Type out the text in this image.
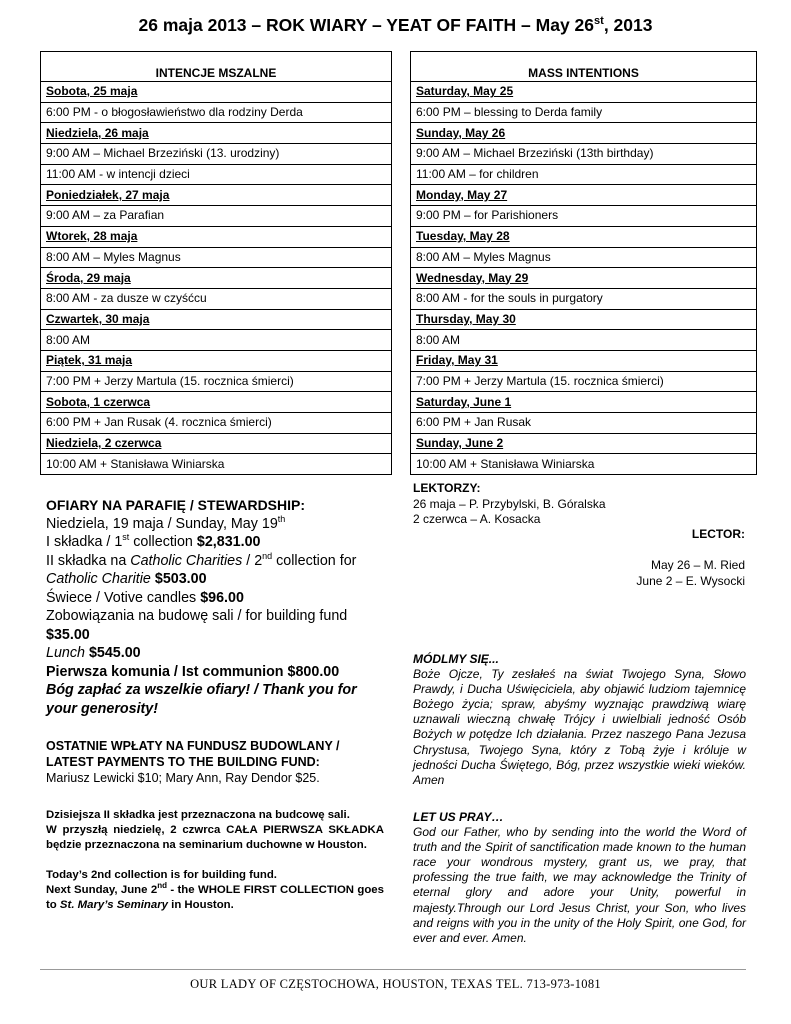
26 maja 2013 – ROK WIARY – YEAT OF FAITH – May 26st, 2013
INTENCJE MSZALNE
Sobota, 25 maja
6:00 PM - o błogosławieństwo dla rodziny Derda
Niedziela, 26 maja
9:00 AM – Michael Brzeziński (13. urodziny)
11:00 AM - w intencji dzieci
Poniedziałek, 27 maja
9:00 AM – za Parafian
Wtorek, 28 maja
8:00 AM – Myles Magnus
Środa, 29 maja
8:00 AM - za dusze w czyśćcu
Czwartek, 30 maja
8:00 AM
Piątek, 31 maja
7:00 PM + Jerzy Martula (15. rocznica śmierci)
Sobota, 1 czerwca
6:00 PM + Jan Rusak (4. rocznica śmierci)
Niedziela, 2 czerwca
10:00 AM + Stanisława Winiarska
MASS INTENTIONS
Saturday, May 25
6:00 PM – blessing to Derda family
Sunday, May 26
9:00 AM – Michael Brzeziński (13th birthday)
11:00 AM – for children
Monday, May 27
9:00 PM – for Parishioners
Tuesday, May 28
8:00 AM – Myles Magnus
Wednesday, May 29
8:00 AM - for the souls in purgatory
Thursday, May 30
8:00 AM
Friday, May 31
7:00 PM + Jerzy Martula (15. rocznica śmierci)
Saturday, June 1
6:00 PM + Jan Rusak
Sunday, June 2
10:00 AM + Stanisława Winiarska
OFIARY NA PARAFIĘ / STEWARDSHIP:
Niedziela, 19 maja / Sunday, May 19th
I składka / 1st collection $2,831.00
II składka na Catholic Charities / 2nd collection for Catholic Charitie $503.00
Świece / Votive candles $96.00
Zobowiązania na budowę sali / for building fund $35.00
Lunch $545.00
Pierwsza komunia / Ist communion $800.00
Bóg zapłać za wszelkie ofiary! / Thank you for your generosity!
OSTATNIE WPŁATY NA FUNDUSZ BUDOWLANY / LATEST PAYMENTS TO THE BUILDING FUND:
Mariusz Lewicki $10; Mary Ann, Ray Dendor $25.

Dzisiejsza II składka jest przeznaczona na budcowę sali.

W przyszłą niedzielę, 2 czwrca CAŁA PIERWSZA SKŁADKA będzie przeznaczona na seminarium duchowne w Houston.

Today’s 2nd collection is for building fund.

Next Sunday, June 2nd - the WHOLE FIRST COLLECTION goes to St. Mary’s Seminary in Houston.

LEKTORZY:
26 maja – P. Przybylski, B. Góralska
2 czerwca – A. Kosacka
LECTOR:
May 26 – M. Ried
June 2 – E. Wysocki
MÓDLMY SIĘ...
Boże Ojcze, Ty zesłałeś na świat Twojego Syna, Słowo Prawdy, i Ducha Uświęciciela, aby objawić ludziom tajemnicę Bożego życia; spraw, abyśmy wyznając prawdziwą wiarę uznawali wieczną chwałę Trójcy i uwielbiali jedność Osób Bożych w potędze Ich działania. Przez naszego Pana Jezusa Chrystusa, Twojego Syna, który z Tobą żyje i króluje w jedności Ducha Świętego, Bóg, przez wszystkie wieki wieków. Amen
LET US PRAY…
God our Father, who by sending into the world the Word of truth and the Spirit of sanctification made known to the human race your wondrous mystery, grant us, we pray, that professing the true faith, we may acknowledge the Trinity of eternal glory and adore your Unity, powerful in majesty.Through our Lord Jesus Christ, your Son, who lives and reigns with you in the unity of the Holy Spirit, one God, for ever and ever. Amen.
OUR LADY OF CZĘSTOCHOWA, HOUSTON, TEXAS TEL. 713-973-1081
